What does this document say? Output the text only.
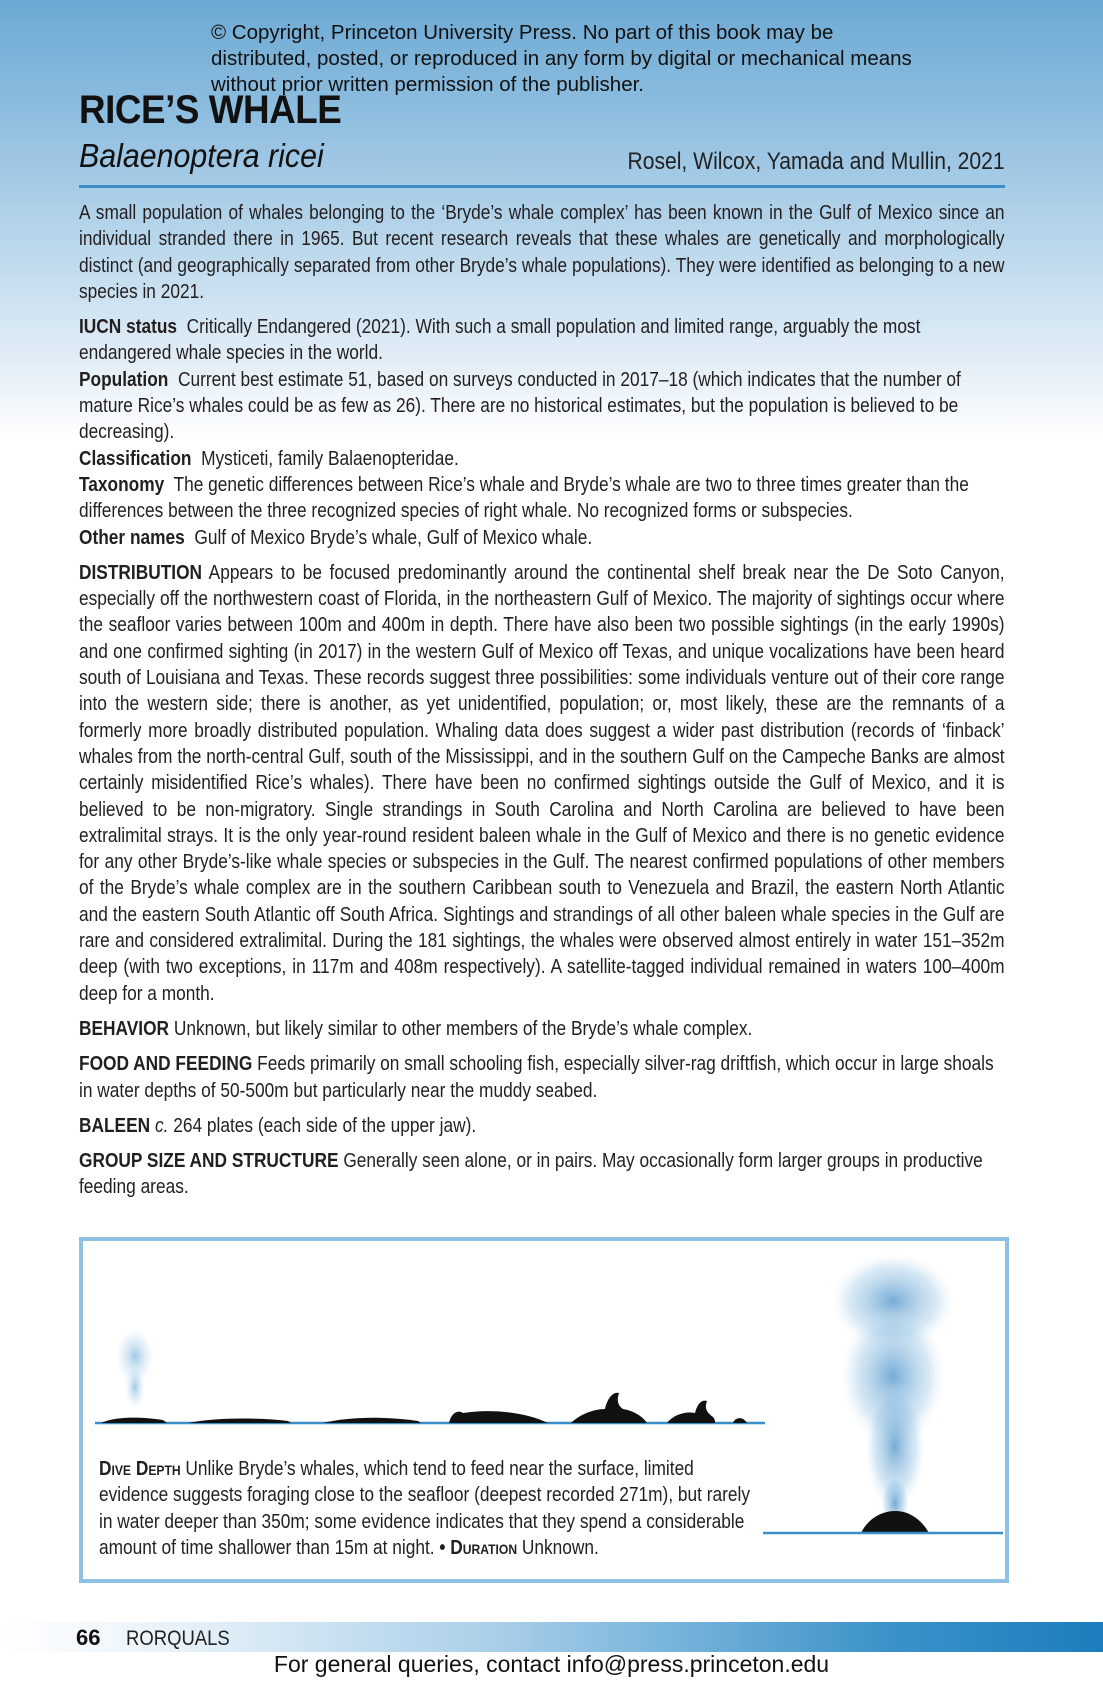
© Copyright, Princeton University Press. No part of this book may be distributed, posted, or reproduced in any form by digital or mechanical means without prior written permission of the publisher.
RICE’S WHALE
Balaenoptera ricei	Rosel, Wilcox, Yamada and Mullin, 2021

A small population of whales belonging to the ‘Bryde’s whale complex’ has been known in the Gulf of Mexico since an individual stranded there in 1965. But recent research reveals that these whales are genetically and morphologically distinct (and geographically separated from other Bryde’s whale populations). They were identified as belonging to a new species in 2021.

IUCN status Critically Endangered (2021). With such a small population and limited range, arguably the most endangered whale species in the world.

Population Current best estimate 51, based on surveys conducted in 2017–18 (which indicates that the number of mature Rice’s whales could be as few as 26). There are no historical estimates, but the population is believed to be decreasing).

Classification Mysticeti, family Balaenopteridae.

Taxonomy The genetic differences between Rice’s whale and Bryde’s whale are two to three times greater than the differences between the three recognized species of right whale. No recognized forms or subspecies.

Other names Gulf of Mexico Bryde’s whale, Gulf of Mexico whale.

DISTRIBUTION Appears to be focused predominantly around the continental shelf break near the De Soto Canyon, especially off the northwestern coast of Florida, in the northeastern Gulf of Mexico. The majority of sightings occur where the seafloor varies between 100m and 400m in depth. There have also been two possible sightings (in the early 1990s) and one confirmed sighting (in 2017) in the western Gulf of Mexico off Texas, and unique vocalizations have been heard south of Louisiana and Texas. These records suggest three possibilities: some individuals venture out of their core range into the western side; there is another, as yet unidentified, population; or, most likely, these are the remnants of a formerly more broadly distributed population. Whaling data does suggest a wider past distribution (records of ‘finback’ whales from the north-central Gulf, south of the Mississippi, and in the southern Gulf on the Campeche Banks are almost certainly misidentified Rice’s whales). There have been no confirmed sightings outside the Gulf of Mexico, and it is believed to be non-migratory. Single strandings in South Carolina and North Carolina are believed to have been extralimital strays. It is the only year-round resident baleen whale in the Gulf of Mexico and there is no genetic evidence for any other Bryde’s-like whale species or subspecies in the Gulf. The nearest confirmed populations of other members of the Bryde’s whale complex are in the southern Caribbean south to Venezuela and Brazil, the eastern North Atlantic and the eastern South Atlantic off South Africa. Sightings and strandings of all other baleen whale species in the Gulf are rare and considered extralimital. During the 181 sightings, the whales were observed almost entirely in water 151–352m deep (with two exceptions, in 117m and 408m respectively). A satellite-tagged individual remained in waters 100–400m deep for a month.

BEHAVIOR Unknown, but likely similar to other members of the Bryde’s whale complex.

FOOD AND FEEDING Feeds primarily on small schooling fish, especially silver-rag driftfish, which occur in large shoals in water depths of 50-500m but particularly near the muddy seabed.

BALEEN c. 264 plates (each side of the upper jaw).

GROUP SIZE AND STRUCTURE Generally seen alone, or in pairs. May occasionally form larger groups in productive feeding areas.

Dive Depth Unlike Bryde’s whales, which tend to feed near the surface, limited evidence suggests foraging close to the seafloor (deepest recorded 271m), but rarely in water deeper than 350m; some evidence indicates that they spend a considerable amount of time shallower than 15m at night. • Duration Unknown.
66 RORQUALS
For general queries, contact info@press.princeton.edu
